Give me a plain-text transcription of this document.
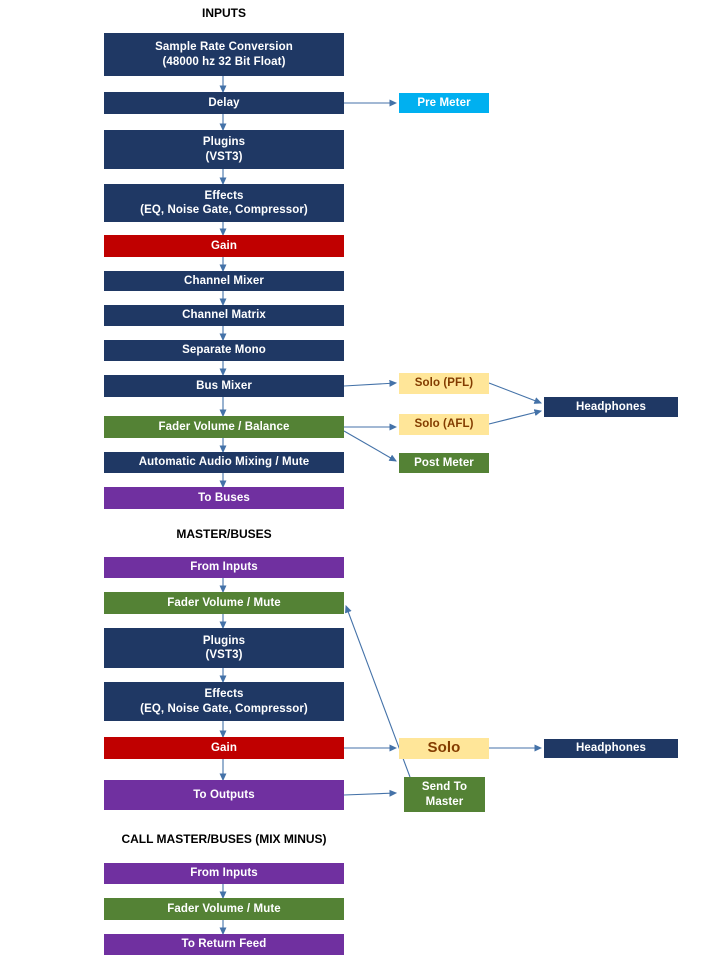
INPUTS
MASTER/BUSES
CALL MASTER/BUSES (MIX MINUS)
Sample Rate Conversion
(48000 hz 32 Bit Float)
Delay
Plugins
(VST3)
Effects
(EQ, Noise Gate, Compressor)
Gain
Channel Mixer
Channel Matrix
Separate Mono
Bus Mixer
Fader Volume / Balance
Automatic Audio Mixing / Mute
To Buses
Pre Meter
Solo (PFL)
Solo (AFL)
Post Meter
Headphones
From Inputs
Fader Volume / Mute
Plugins
(VST3)
Effects
(EQ, Noise Gate, Compressor)
Gain
To Outputs
Solo	Headphones
Send To
Master
From Inputs
Fader Volume / Mute
To Return Feed
